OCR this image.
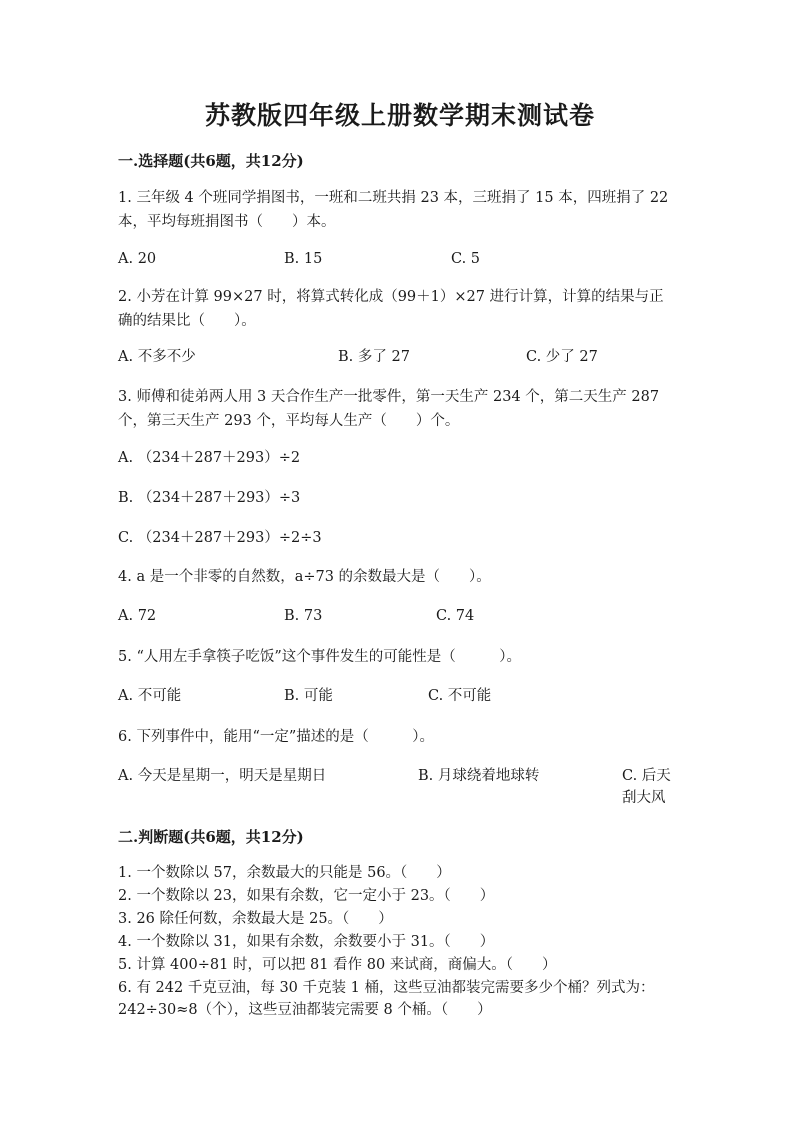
苏教版四年级上册数学期末测试卷
一.选择题(共6题，共12分)

1. 三年级 4 个班同学捐图书，一班和二班共捐 23 本，三班捐了 15 本，四班捐了 22 本，平均每班捐图书（　　）本。

A. 20	B. 15	C. 5

2. 小芳在计算 99×27 时，将算式转化成（99＋1）×27 进行计算，计算的结果与正确的结果比（　　）。

A. 不多不少	B. 多了 27	C. 少了 27

3. 师傅和徒弟两人用 3 天合作生产一批零件，第一天生产 234 个，第二天生产 287 个，第三天生产 293 个，平均每人生产（　　）个。

A. （234＋287＋293）÷2
B. （234＋287＋293）÷3
C. （234＋287＋293）÷2÷3

4. a 是一个非零的自然数，a÷73 的余数最大是（　　）。

A. 72	B. 73	C. 74

5. “人用左手拿筷子吃饭”这个事件发生的可能性是（　　　）。

A. 不可能	B. 可能	C. 不可能

6. 下列事件中，能用“一定”描述的是（　　　）。

A. 今天是星期一，明天是星期日	B. 月球绕着地球转	C. 后天刮大风
二.判断题(共6题，共12分)

1. 一个数除以 57，余数最大的只能是 56。（　　）

2. 一个数除以 23，如果有余数，它一定小于 23。（　　）

3. 26 除任何数，余数最大是 25。（　　）

4. 一个数除以 31，如果有余数，余数要小于 31。（　　）

5. 计算 400÷81 时，可以把 81 看作 80 来试商，商偏大。（　　）

6. 有 242 千克豆油，每 30 千克装 1 桶，这些豆油都装完需要多少个桶？列式为：242÷30≈8（个），这些豆油都装完需要 8 个桶。（　　）
